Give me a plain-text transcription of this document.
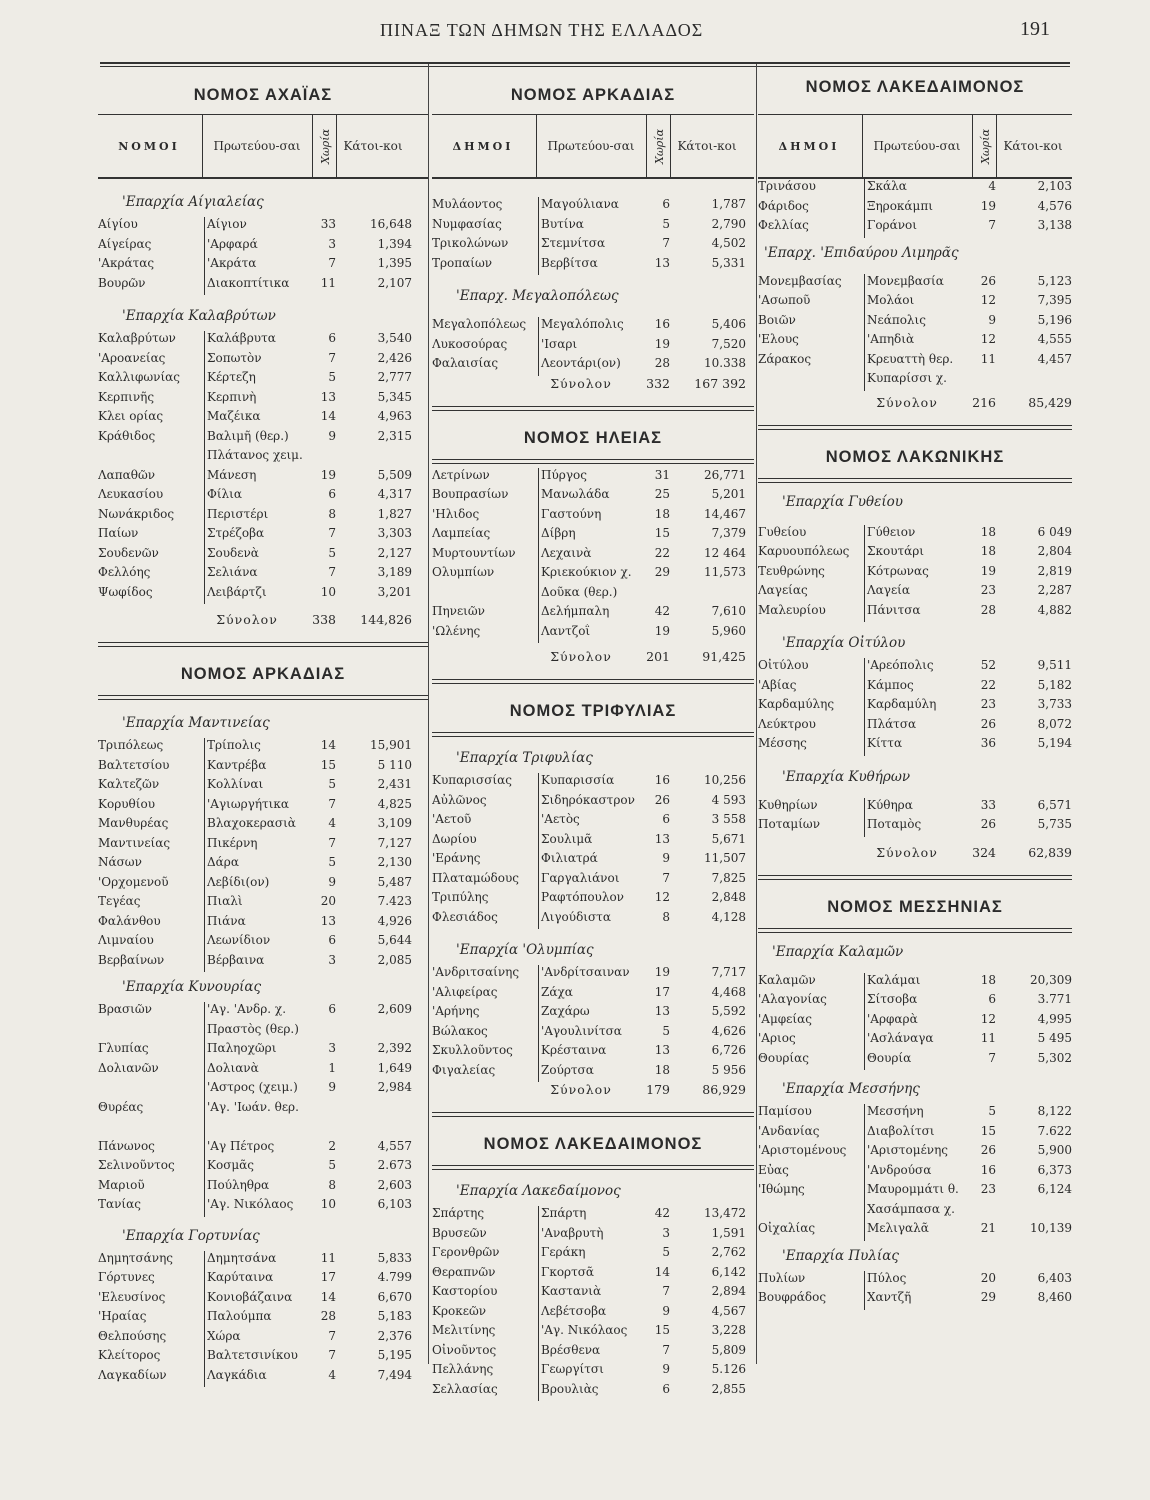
ΠΙΝΑΞ ΤΩΝ ΔΗΜΩΝ ΤΗΣ ΕΛΛΑΔΟΣ	191
ΝΟΜΟΣ ΑΧΑΪΑΣ
ΝΟΜΟΙ	Πρωτεύου-σαι	Χωρία Κάτοι-κοι
'Επαρχία Αίγιαλείας
Αίγίου	Αίγιον	33	16,648
Αίγείρας	'Αρφαρά	3	1,394
'Ακράτας	'Ακράτα	7	1,395
Βουρῶν	Διακοπτίτικα	11	2,107
'Επαρχία Καλαβρύτων
Καλαβρύτων	Καλάβρυτα	6	3,540
'Αροανείας	Σοπωτὸν	7	2,426
Καλλιφωνίας	Κέρτεζη	5	2,777
Κερπινῆς	Κερπινὴ	13	5,345
Κλει ορίας	Μαζέικα	14	4,963
Κράθιδος	Βαλιμῆ (θερ.)	9	2,315
Πλάτανος χειμ.
Λαπαθῶν	Μάνεση	19	5,509
Λευκασίου	Φίλια	6	4,317
Νωνάκριδος	Περιστέρι	8	1,827
Παίων	Στρέζοβα	7	3,303
Σουδενῶν	Σουδενὰ	5	2,127
Φελλόης	Σελιάνα	7	3,189
Ψωφίδος	Λειβάρτζι	10	3,201
Σύνολον	338	144,826
ΝΟΜΟΣ ΑΡΚΑΔΙΑΣ
'Επαρχία Μαντινείας
Τριπόλεως	Τρίπολις	14	15,901
Βαλτετσίου	Καντρέβα	15	5 110
Καλτεζῶν	Κολλίναι	5	2,431
Κορυθίου	'Αγιωργήτικα	7	4,825
Μανθυρέας	Βλαχοκερασιὰ	4	3,109
Μαντινείας	Πικέρνη	7	7,127
Νάσων	Δάρα	5	2,130
'Ορχομενοῦ	Λεβίδι(ον)	9	5,487
Τεγέας	Πιαλὶ	20	7.423
Φαλάνθου	Πιάνα	13	4,926
Λιμναίου	Λεωνίδιον	6	5,644
Βερβαίνων	Βέρβαινα	3	2,085
'Επαρχία Κυνουρίας
Βρασιῶν	'Αγ. 'Ανδρ. χ.	6	2,609
Πραστὸς (θερ.)
Γλυπίας	Παληοχῶρι	3	2,392
Δολιανῶν	Δολιανὰ	1	1,649
'Αστρος (χειμ.)	9	2,984
Θυρέας	'Αγ. 'Ιωάν. θερ.
Πάνωνος	'Αγ Πέτρος	2	4,557
Σελινοῦντος	Κοσμᾶς	5	2.673
Μαριοῦ	Πούληθρα	8	2,603
Τανίας	'Αγ. Νικόλαος	10	6,103
'Επαρχία Γορτυνίας
Δημητσάνης	Δημητσάνα	11	5,833
Γόρτυνες	Καρύταινα	17	4.799
'Ελευσίνος	Κονιοβάζαινα	14	6,670
'Ηραίας	Παλούμπα	28	5,183
Θελπούσης	Χώρα	7	2,376
Κλείτορος	Βαλτετσινίκου	7	5,195
Λαγκαδίων	Λαγκάδια	4	7,494
ΝΟΜΟΣ ΑΡΚΑΔΙΑΣ
ΔΗΜΟΙ	Πρωτεύου-σαι	Χωρία Κάτοι-κοι
Μυλάοντος	Μαγούλιανα	6	1,787
Νυμφασίας	Βυτίνα	5	2,790
Τρικολώνων	Στεμνίτσα	7	4,502
Τροπαίων	Βερβίτσα	13	5,331
'Επαρχ. Μεγαλοπόλεως
Μεγαλοπόλεως	Μεγαλόπολις	16	5,406
Λυκοσούρας	'Ισαρι	19	7,520
Φαλαισίας	Λεοντάρι(ον)	28	10.338
Σύνολον	332	167 392
ΝΟΜΟΣ ΗΛΕΙΑΣ
Λετρίνων	Πύργος	31	26,771
Βουπρασίων	Μανωλάδα	25	5,201
'Ηλιδος	Γαστούνη	18	14,467
Λαμπείας	Δίβρη	15	7,379
Μυρτουντίων	Λεχαινὰ	22	12 464
Ολυμπίων	Κριεκούκιον χ.	29	11,573
Δοῦκα (θερ.)
Πηνειῶν	Δελήμπαλη	42	7,610
'Ωλένης	Λαντζοΐ	19	5,960
Σύνολον	201	91,425
ΝΟΜΟΣ ΤΡΙΦΥΛΙΑΣ
'Επαρχία Τριφυλίας
Κυπαρισσίας	Κυπαρισσία	16	10,256
Αὐλῶνος	Σιδηρόκαστρον	26	4 593
'Αετοῦ	'Αετὸς	6	3 558
Δωρίου	Σουλιμᾶ	13	5,671
'Εράνης	Φιλιατρά	9	11,507
Πλαταμώδους	Γαργαλιάνοι	7	7,825
Τριπύλης	Ραφτόπουλον	12	2,848
Φλεσιάδος	Λιγούδιστα	8	4,128
'Επαρχία 'Ολυμπίας
'Ανδριτσαίνης	'Ανδρίτσαιναν	19	7,717
'Αλιφείρας	Ζάχα	17	4,468
'Αρήνης	Ζαχάρω	13	5,592
Βώλακος	'Αγουλινίτσα	5	4,626
Σκυλλοῦντος	Κρέσταινα	13	6,726
Φιγαλείας	Ζούρτσα	18	5 956
Σύνολον	179	86,929
ΝΟΜΟΣ ΛΑΚΕΔΑΙΜΟΝΟΣ
'Επαρχία Λακεδαίμονος
Σπάρτης	Σπάρτη	42	13,472
Βρυσεῶν	'Αναβρυτὴ	3	1,591
Γερονθρῶν	Γεράκη	5	2,762
Θεραπνῶν	Γκορτσᾶ	14	6,142
Καστορίου	Καστανιὰ	7	2,894
Κροκεῶν	Λεβέτσοβα	9	4,567
Μελιτίνης	'Αγ. Νικόλαος	15	3,228
Οἰνοῦντος	Βρέσθενα	7	5,809
Πελλάνης	Γεωργίτσι	9	5.126
Σελλασίας	Βρουλιὰς	6	2,855
ΝΟΜΟΣ ΛΑΚΕΔΑΙΜΟΝΟΣ
ΔΗΜΟΙ	Πρωτεύου-σαι	Χωρία Κάτοι-κοι
Τρινάσου	Σκάλα	4	2,103
Φάριδος	Ξηροκάμπι	19	4,576
Φελλίας	Γοράνοι	7	3,138
'Επαρχ. 'Επιδαύρου Λιμηρᾶς
Μονεμβασίας	Μονεμβασία	26	5,123
'Ασωποῦ	Μολάοι	12	7,395
Βοιῶν	Νεάπολις	9	5,196
'Ελους	'Απηδιὰ	12	4,555
Ζάρακος	Κρευαττὴ θερ.	11	4,457
Κυπαρίσσι χ.
Σύνολον	216	85,429
ΝΟΜΟΣ ΛΑΚΩΝΙΚΗΣ
'Επαρχία Γυθείου
Γυθείου	Γύθειον	18	6 049
Καρυουπόλεως	Σκουτάρι	18	2,804
Τευθρώνης	Κότρωνας	19	2,819
Λαγείας	Λαγεία	23	2,287
Μαλευρίου	Πάνιτσα	28	4,882
'Επαρχία Οἰτύλου
Οἰτύλου	'Αρεόπολις	52	9,511
'Αβίας	Κάμπος	22	5,182
Καρδαμύλης	Καρδαμύλη	23	3,733
Λεύκτρου	Πλάτσα	26	8,072
Μέσσης	Κίττα	36	5,194
'Επαρχία Κυθήρων
Κυθηρίων	Κύθηρα	33	6,571
Ποταμίων	Ποταμὸς	26	5,735
Σύνολον	324	62,839
ΝΟΜΟΣ ΜΕΣΣΗΝΙΑΣ
'Επαρχία Καλαμῶν
Καλαμῶν	Καλάμαι	18	20,309
'Αλαγονίας	Σίτσοβα	6	3.771
'Αμφείας	'Αρφαρὰ	12	4,995
'Αριος	'Ασλάναγα	11	5 495
Θουρίας	Θουρία	7	5,302
'Επαρχία Μεσσήνης
Παμίσου	Μεσσήνη	5	8,122
'Ανδανίας	Διαβολίτσι	15	7.622
'Αριστομένους	'Αριστομένης	26	5,900
Εὐας	'Ανδρούσα	16	6,373
'Ιθώμης	Μαυρομμάτι θ.	23	6,124
Χασάμπασα χ.
Οἰχαλίας	Μελιγαλᾶ	21	10,139
'Επαρχία Πυλίας
Πυλίων	Πύλος	20	6,403
Βουφράδος	Χαντζῆ	29	8,460
